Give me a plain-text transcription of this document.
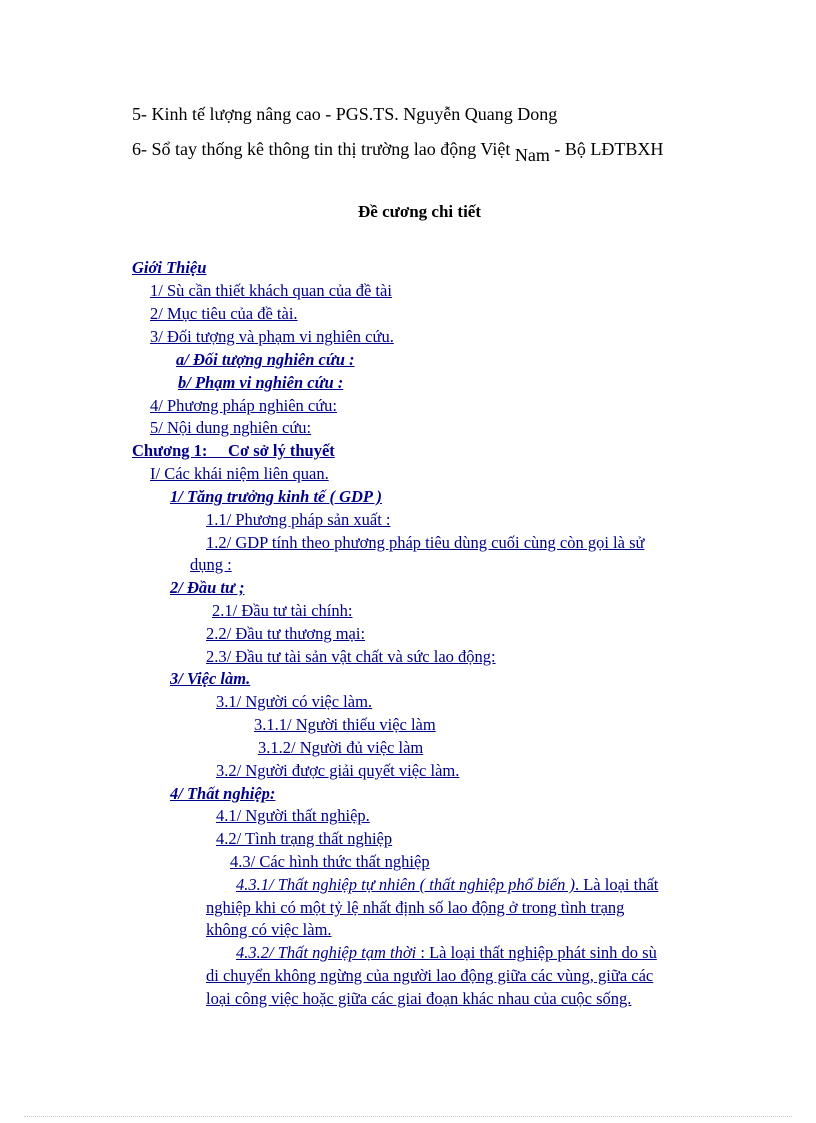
5- Kinh tế lượng nâng cao - PGS.TS. Nguyễn Quang Dong
6- Sổ tay thống kê thông tin thị trường lao động Việt Nam - Bộ LĐTBXH
Đề cương chi tiết
Giới Thiệu
1/ Sù cần thiết khách quan của đề tài
2/ Mục tiêu của đề tài.
3/ Đối tượng và phạm vi nghiên cứu.
a/ Đối tượng nghiên cứu :
b/ Phạm vi nghiên cứu :
4/ Phương pháp nghiên cứu:
5/ Nội dung nghiên cứu:
Chương 1:     Cơ sở lý thuyết
I/ Các khái niệm liên quan.
1/ Tăng trưởng kinh tế ( GDP )
1.1/ Phương pháp sản xuất :
1.2/ GDP tính theo phương pháp tiêu dùng cuối cùng còn gọi là sử
dụng :
2/ Đầu tư ;
2.1/ Đầu tư tài chính:
2.2/ Đầu tư thương mại:
2.3/ Đầu tư tài sản vật chất và sức lao động:
3/ Việc làm.
3.1/ Người có việc làm.
3.1.1/ Người thiếu việc làm
3.1.2/ Người đủ việc làm
3.2/ Người được giải quyết việc làm.
4/ Thất nghiệp:
4.1/ Người thất nghiệp.
4.2/ Tình trạng thất nghiệp
4.3/ Các hình thức thất nghiệp
4.3.1/ Thất nghiệp tự nhiên ( thất nghiệp phổ biến ). Là loại thất
nghiệp khi có một tỷ lệ nhất định số lao động ở trong tình trạng
không có việc làm.
4.3.2/ Thất nghiệp tạm thời : Là loại thất nghiệp phát sinh do sù
di chuyển không ngừng của người lao động giữa các vùng, giữa các
loại công việc hoặc giữa các giai đoạn khác nhau của cuộc sống.
